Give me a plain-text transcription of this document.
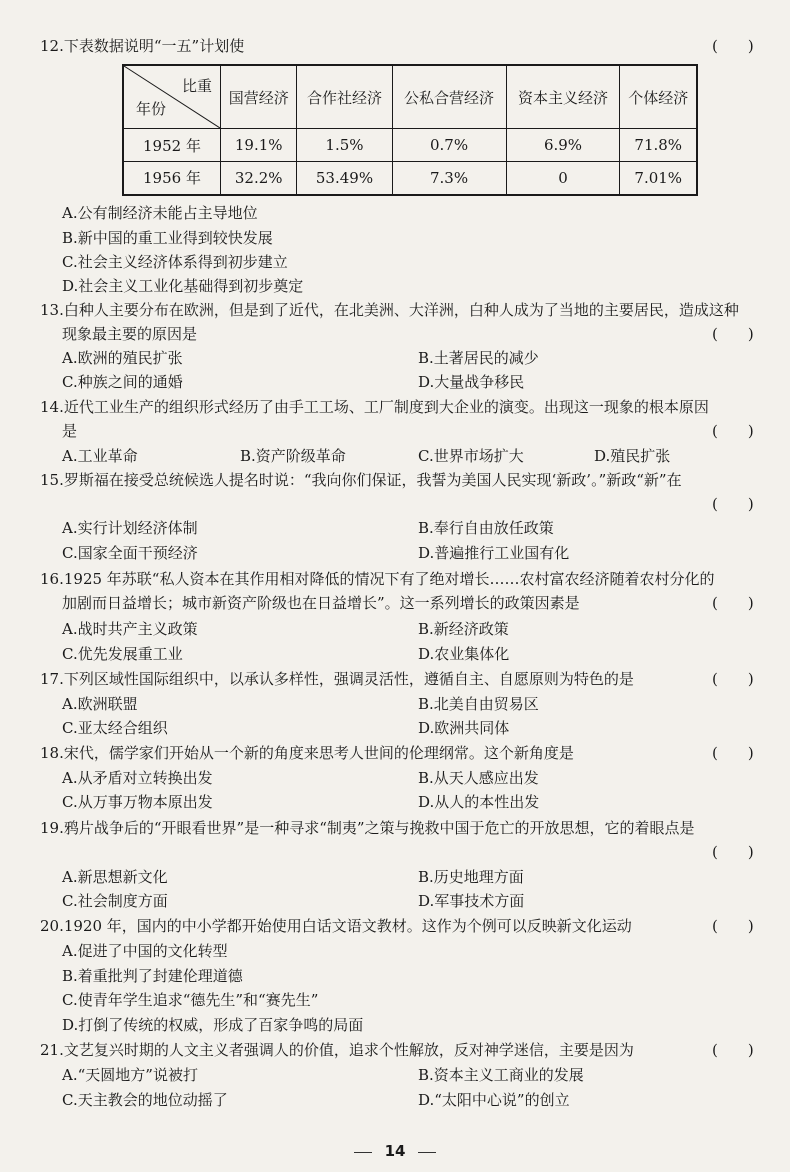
12.下表数据说明“一五”计划使	(　　)
比重
年份	国营经济	合作社经济	公私合营经济	资本主义经济	个体经济
1952 年	19.1%	1.5%	0.7%	6.9%	71.8%
1956 年	32.2%	53.49%	7.3%	0	7.01%
A.公有制经济未能占主导地位
B.新中国的重工业得到较快发展
C.社会主义经济体系得到初步建立
D.社会主义工业化基础得到初步奠定
13.白种人主要分布在欧洲，但是到了近代，在北美洲、大洋洲，白种人成为了当地的主要居民，造成这种
现象最主要的原因是	(　　)
A.欧洲的殖民扩张	B.土著居民的减少
C.种族之间的通婚	D.大量战争移民
14.近代工业生产的组织形式经历了由手工工场、工厂制度到大企业的演变。出现这一现象的根本原因
是	(　　)
A.工业革命	B.资产阶级革命	C.世界市场扩大	D.殖民扩张
15.罗斯福在接受总统候选人提名时说：“我向你们保证，我誓为美国人民实现‘新政’。”新政“新”在
(　　)
A.实行计划经济体制	B.奉行自由放任政策
C.国家全面干预经济	D.普遍推行工业国有化
16.1925 年苏联“私人资本在其作用相对降低的情况下有了绝对增长……农村富农经济随着农村分化的
加剧而日益增长；城市新资产阶级也在日益增长”。这一系列增长的政策因素是	(　　)
A.战时共产主义政策	B.新经济政策
C.优先发展重工业	D.农业集体化
17.下列区域性国际组织中，以承认多样性，强调灵活性，遵循自主、自愿原则为特色的是	(　　)
A.欧洲联盟	B.北美自由贸易区
C.亚太经合组织	D.欧洲共同体
18.宋代，儒学家们开始从一个新的角度来思考人世间的伦理纲常。这个新角度是	(　　)
A.从矛盾对立转换出发	B.从天人感应出发
C.从万事万物本原出发	D.从人的本性出发
19.鸦片战争后的“开眼看世界”是一种寻求“制夷”之策与挽救中国于危亡的开放思想，它的着眼点是
(　　)
A.新思想新文化	B.历史地理方面
C.社会制度方面	D.军事技术方面
20.1920 年，国内的中小学都开始使用白话文语文教材。这作为个例可以反映新文化运动	(　　)
A.促进了中国的文化转型
B.着重批判了封建伦理道德
C.使青年学生追求“德先生”和“赛先生”
D.打倒了传统的权威，形成了百家争鸣的局面
21.文艺复兴时期的人文主义者强调人的价值，追求个性解放，反对神学迷信，主要是因为	(　　)
A.“天圆地方”说被打	B.资本主义工商业的发展
C.天主教会的地位动摇了	D.“太阳中心说”的创立
14
